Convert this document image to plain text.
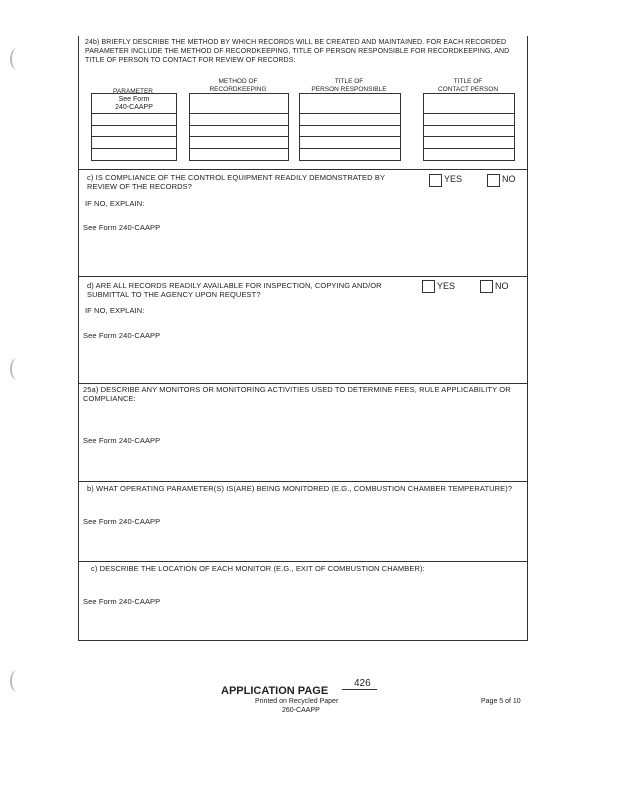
24b) BRIEFLY DESCRIBE THE METHOD BY WHICH RECORDS WILL BE CREATED AND MAINTAINED. FOR EACH RECORDED PARAMETER INCLUDE THE METHOD OF RECORDKEEPING, TITLE OF PERSON RESPONSIBLE FOR RECORDKEEPING, AND TITLE OF PERSON TO CONTACT FOR REVIEW OF RECORDS:

PARAMETER
METHOD OF
RECORDKEEPING
TITLE OF
PERSON RESPONSIBLE
TITLE OF
CONTACT PERSON
See Form
240-CAAPP
c) IS COMPLIANCE OF THE CONTROL EQUIPMENT READILY DEMONSTRATED BY REVIEW OF THE RECORDS?
YES	NO
IF NO, EXPLAIN:
See Form 240-CAAPP
d) ARE ALL RECORDS READILY AVAILABLE FOR INSPECTION, COPYING AND/OR SUBMITTAL TO THE AGENCY UPON REQUEST?
YES	NO
IF NO, EXPLAIN:
See Form 240-CAAPP
25a) DESCRIBE ANY MONITORS OR MONITORING ACTIVITIES USED TO DETERMINE FEES, RULE APPLICABILITY OR COMPLIANCE:
See Form 240-CAAPP
b) WHAT OPERATING PARAMETER(S) IS(ARE) BEING MONITORED (E.G., COMBUSTION CHAMBER TEMPERATURE)?
See Form 240-CAAPP
c) DESCRIBE THE LOCATION OF EACH MONITOR (E.G., EXIT OF COMBUSTION CHAMBER):
See Form 240-CAAPP
APPLICATION PAGE
426
Printed on Recycled Paper
260-CAAPP
Page 5 of 10
